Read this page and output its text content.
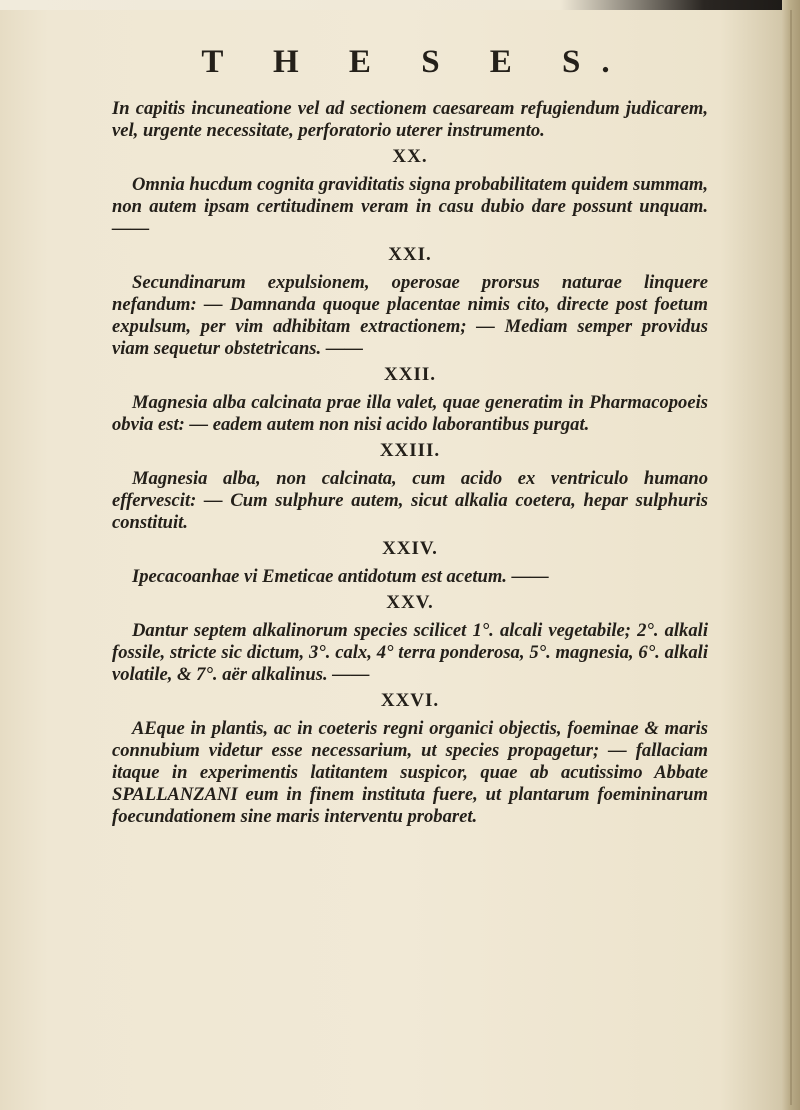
T H E S E S.

In capitis incuneatione vel ad sectionem caesaream refugiendum judicarem, vel, urgente necessitate, perforatorio uterer instrumento.

XX.

Omnia hucdum cognita graviditatis signa probabilitatem quidem summam, non autem ipsam certitudinem veram in casu dubio dare possunt unquam. ——

XXI.

Secundinarum expulsionem, operosae prorsus naturae linquere nefandum: — Damnanda quoque placentae nimis cito, directe post foetum expulsum, per vim adhibitam extractionem; — Mediam semper providus viam sequetur obstetricans. ——

XXII.

Magnesia alba calcinata prae illa valet, quae generatim in Pharmacopoeis obvia est: — eadem autem non nisi acido laborantibus purgat.

XXIII.

Magnesia alba, non calcinata, cum acido ex ventriculo humano effervescit: — Cum sulphure autem, sicut alkalia coetera, hepar sulphuris constituit.

XXIV.

Ipecacoanhae vi Emeticae antidotum est acetum. ——

XXV.

Dantur septem alkalinorum species scilicet 1°. alcali vegetabile; 2°. alkali fossile, stricte sic dictum, 3°. calx, 4° terra ponderosa, 5°. magnesia, 6°. alkali volatile, & 7°. aër alkalinus. ——

XXVI.

AEque in plantis, ac in coeteris regni organici objectis, foeminae & maris connubium videtur esse necessarium, ut species propagetur; — fallaciam itaque in experimentis latitantem suspicor, quae ab acutissimo Abbate SPALLANZANI eum in finem instituta fuere, ut plantarum foemininarum foecundationem sine maris interventu probaret.
